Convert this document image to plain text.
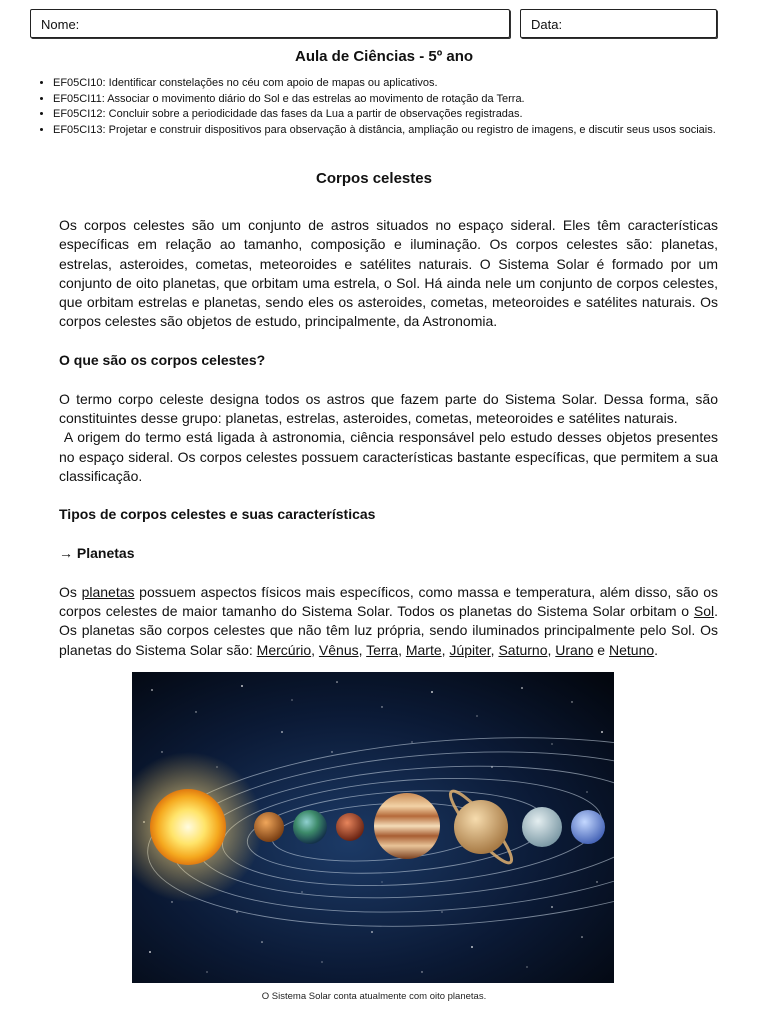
Nome:	Data:
Aula de Ciências - 5º ano
• EF05CI10: Identificar constelações no céu com apoio de mapas ou aplicativos.
• EF05CI11: Associar o movimento diário do Sol e das estrelas ao movimento de rotação da Terra.
• EF05CI12: Concluir sobre a periodicidade das fases da Lua a partir de observações registradas.
• EF05CI13: Projetar e construir dispositivos para observação à distância, ampliação ou registro de imagens, e discutir seus usos sociais.
Corpos celestes

Os corpos celestes são um conjunto de astros situados no espaço sideral. Eles têm características específicas em relação ao tamanho, composição e iluminação. Os corpos celestes são: planetas, estrelas, asteroides, cometas, meteoroides e satélites naturais. O Sistema Solar é formado por um conjunto de oito planetas, que orbitam uma estrela, o Sol. Há ainda nele um conjunto de corpos celestes, que orbitam estrelas e planetas, sendo eles os asteroides, cometas, meteoroides e satélites naturais. Os corpos celestes são objetos de estudo, principalmente, da Astronomia.

O que são os corpos celestes?

O termo corpo celeste designa todos os astros que fazem parte do Sistema Solar. Dessa forma, são constituintes desse grupo: planetas, estrelas, asteroides, cometas, meteoroides e satélites naturais.

A origem do termo está ligada à astronomia, ciência responsável pelo estudo desses objetos presentes no espaço sideral. Os corpos celestes possuem características bastante específicas, que permitem a sua classificação.

Tipos de corpos celestes e suas características

→ Planetas

Os planetas possuem aspectos físicos mais específicos, como massa e temperatura, além disso, são os corpos celestes de maior tamanho do Sistema Solar. Todos os planetas do Sistema Solar orbitam o Sol. Os planetas são corpos celestes que não têm luz própria, sendo iluminados principalmente pelo Sol. Os planetas do Sistema Solar são: Mercúrio, Vênus, Terra, Marte, Júpiter, Saturno, Urano e Netuno.

O Sistema Solar conta atualmente com oito planetas.
